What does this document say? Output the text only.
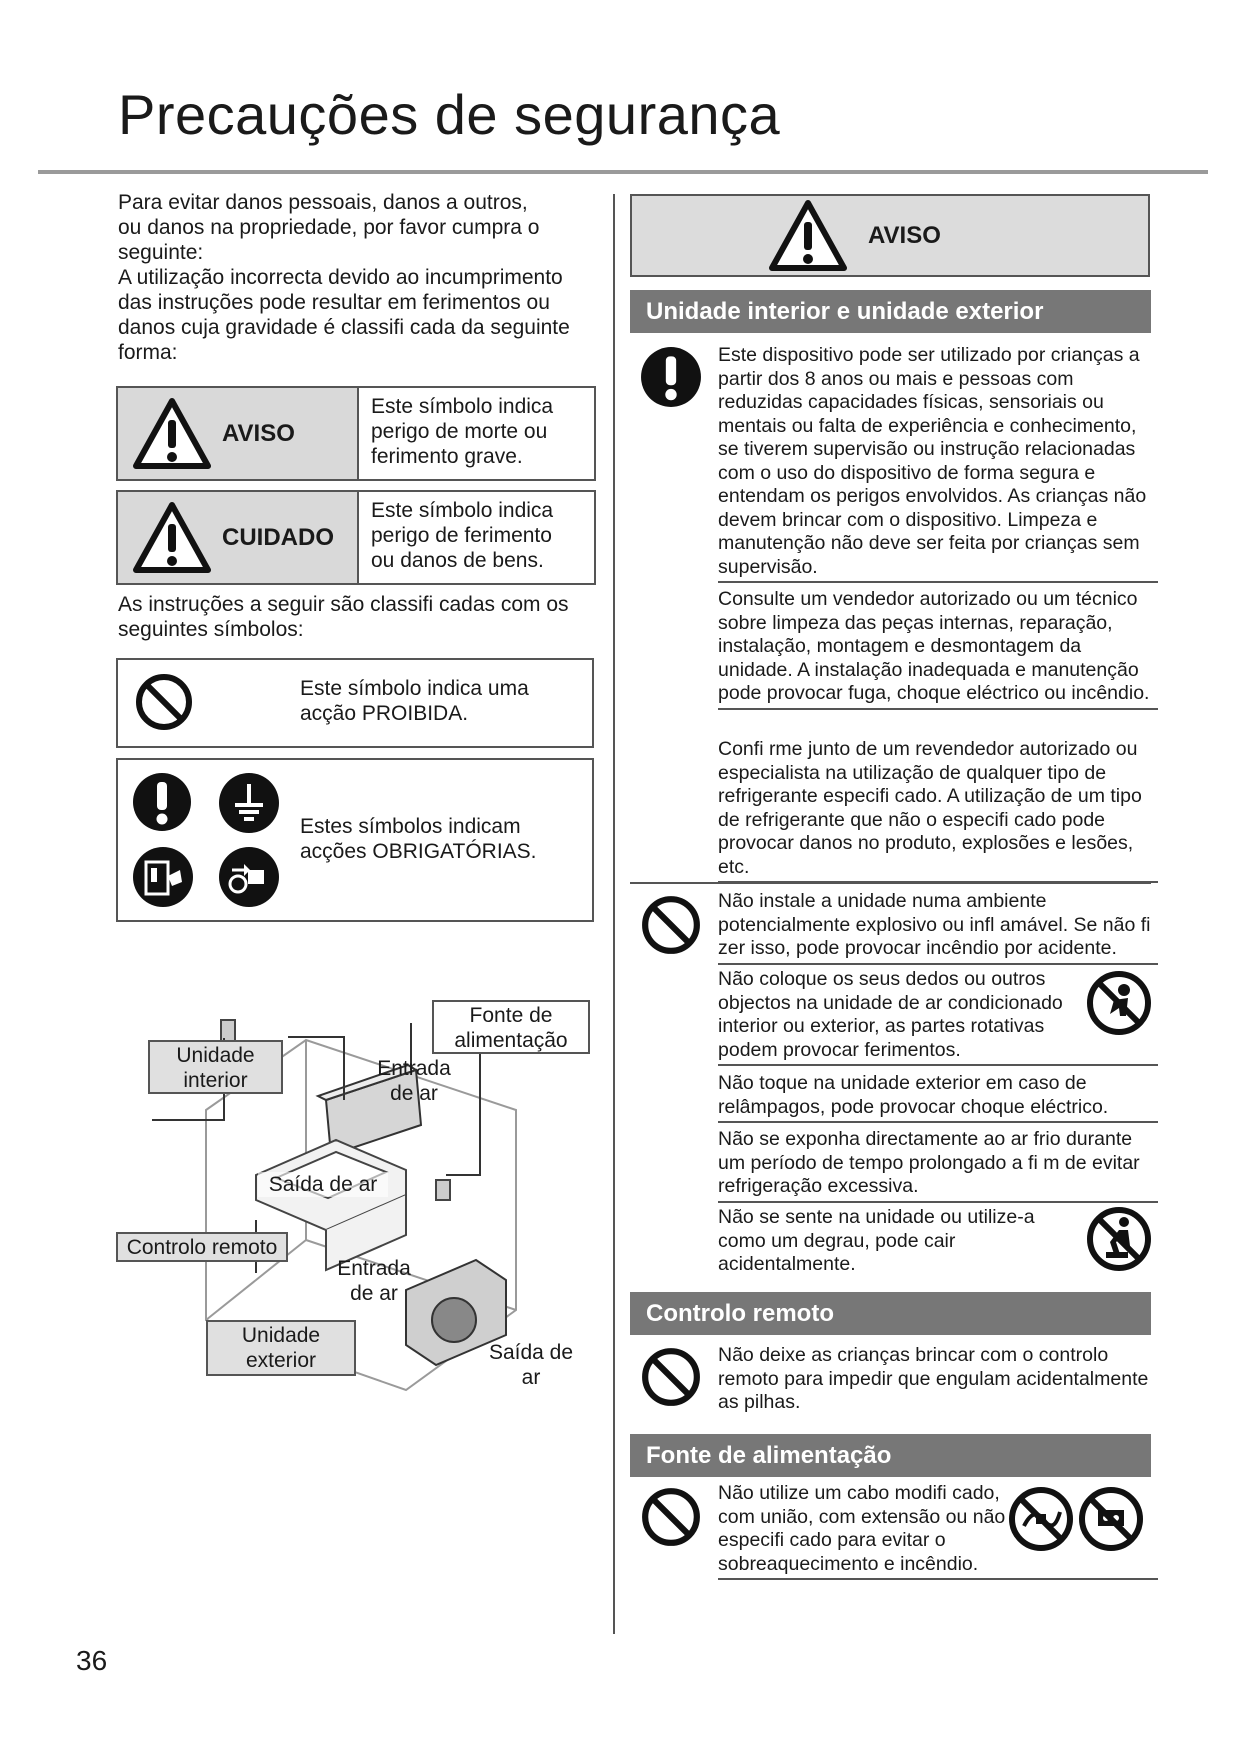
Precauções de segurança
Para evitar danos pessoais, danos a outros,
ou danos na propriedade, por favor cumpra o
seguinte:
A utilização incorrecta devido ao incumprimento
das instruções pode resultar em ferimentos ou
danos cuja gravidade é classifi cada da seguinte
forma:
AVISO
Este símbolo indica
perigo de morte ou
ferimento grave.
CUIDADO
Este símbolo indica
perigo de ferimento
ou danos de bens.
As instruções a seguir são classifi cadas com os seguintes símbolos:
Este símbolo indica uma
acção PROIBIDA.
Estes símbolos indicam
acções OBRIGATÓRIAS.
Unidade
interior
Fonte de
alimentação
Entrada
de ar
Saída de ar
Controlo remoto
Entrada
de ar
Unidade
exterior	Saída de
ar
AVISO
Unidade interior e unidade exterior
Este dispositivo pode ser utilizado por crianças a partir dos 8 anos ou mais e pessoas com reduzidas capacidades físicas, sensoriais ou mentais ou falta de experiência e conhecimento, se tiverem supervisão ou instrução relacionadas com o uso do dispositivo de forma segura e entendam os perigos envolvidos. As crianças não devem brincar com o dispositivo. Limpeza e manutenção não deve ser feita por crianças sem supervisão.
Consulte um vendedor autorizado ou um técnico sobre limpeza das peças internas, reparação, instalação, montagem e desmontagem da unidade. A instalação inadequada e manutenção pode provocar fuga, choque eléctrico ou incêndio.
Confi rme junto de um revendedor autorizado ou especialista na utilização de qualquer tipo de refrigerante especifi cado. A utilização de um tipo de refrigerante que não o especifi cado pode provocar danos no produto, explosões e lesões, etc.
Não instale a unidade numa ambiente potencialmente explosivo ou infl amável. Se não fi zer isso, pode provocar incêndio por acidente.
Não coloque os seus dedos ou outros objectos na unidade de ar condicionado interior ou exterior, as partes rotativas podem provocar ferimentos.
Não toque na unidade exterior em caso de relâmpagos, pode provocar choque eléctrico.
Não se exponha directamente ao ar frio durante um período de tempo prolongado a fi m de evitar refrigeração excessiva.
Não se sente na unidade ou utilize-a como um degrau, pode cair acidentalmente.
Controlo remoto
Não deixe as crianças brincar com o controlo remoto para impedir que engulam acidentalmente as pilhas.
Fonte de alimentação
Não utilize um cabo modifi cado, com união, com extensão ou não especifi cado para evitar o sobreaquecimento e incêndio.
36
